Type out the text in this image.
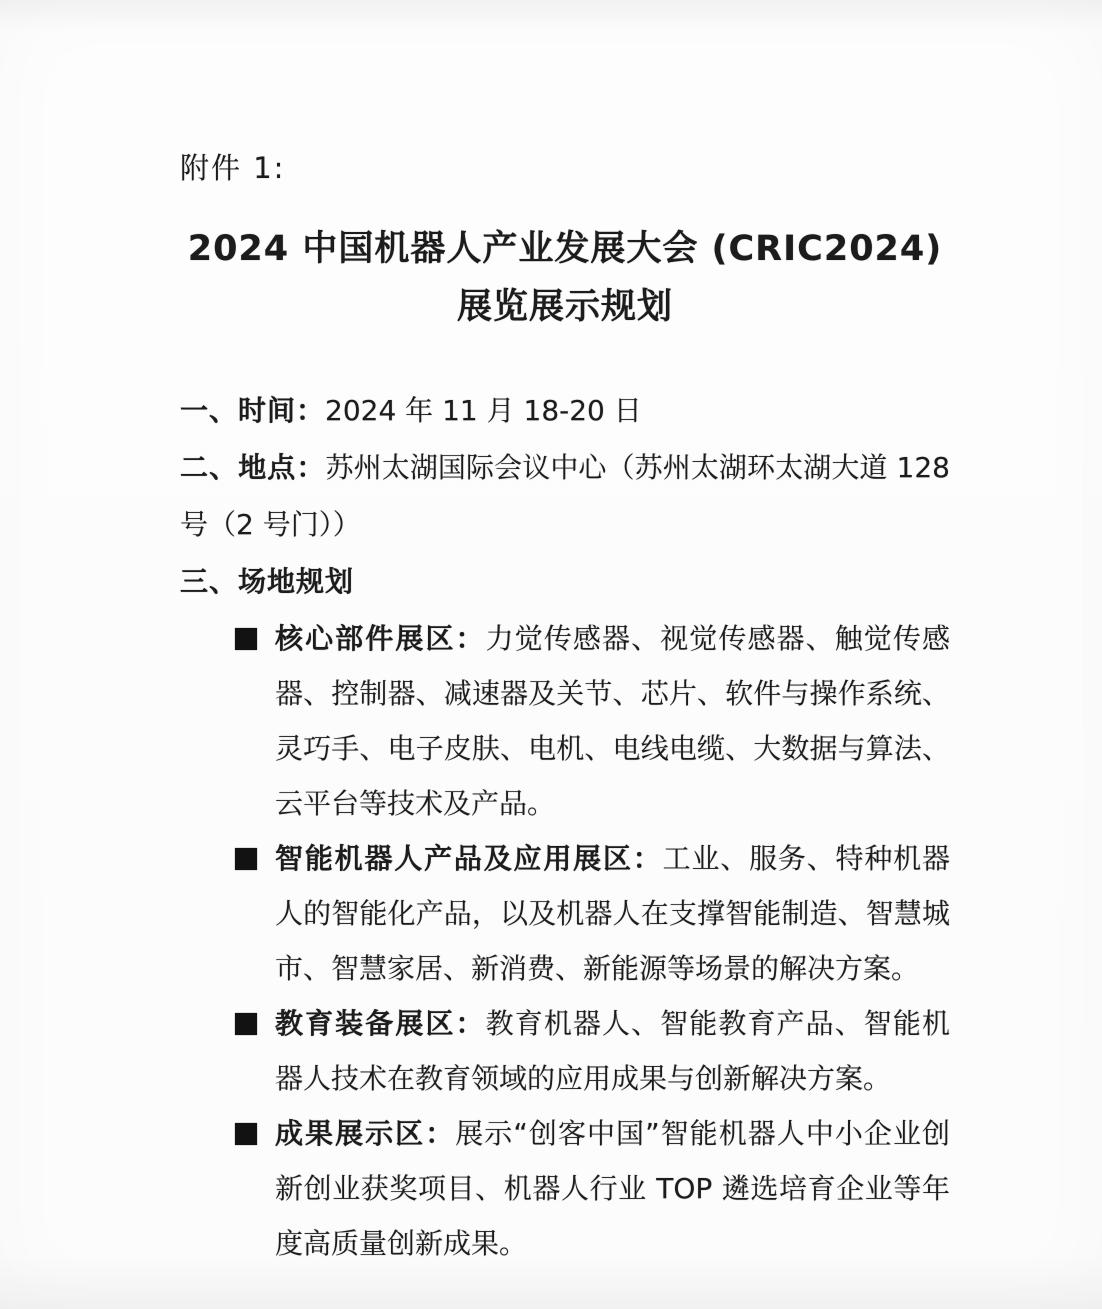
附件 1:
2024 中国机器人产业发展大会 (CRIC2024)
展览展示规划
一、时间：2024 年 11 月 18-20 日
二、地点：苏州太湖国际会议中心（苏州太湖环太湖大道 128 号（2 号门））
三、场地规划
核心部件展区：力觉传感器、视觉传感器、触觉传感器、控制器、减速器及关节、芯片、软件与操作系统、灵巧手、电子皮肤、电机、电线电缆、大数据与算法、云平台等技术及产品。
智能机器人产品及应用展区：工业、服务、特种机器人的智能化产品，以及机器人在支撑智能制造、智慧城市、智慧家居、新消费、新能源等场景的解决方案。
教育装备展区：教育机器人、智能教育产品、智能机器人技术在教育领域的应用成果与创新解决方案。
成果展示区：展示“创客中国”智能机器人中小企业创新创业获奖项目、机器人行业 TOP 遴选培育企业等年度高质量创新成果。
